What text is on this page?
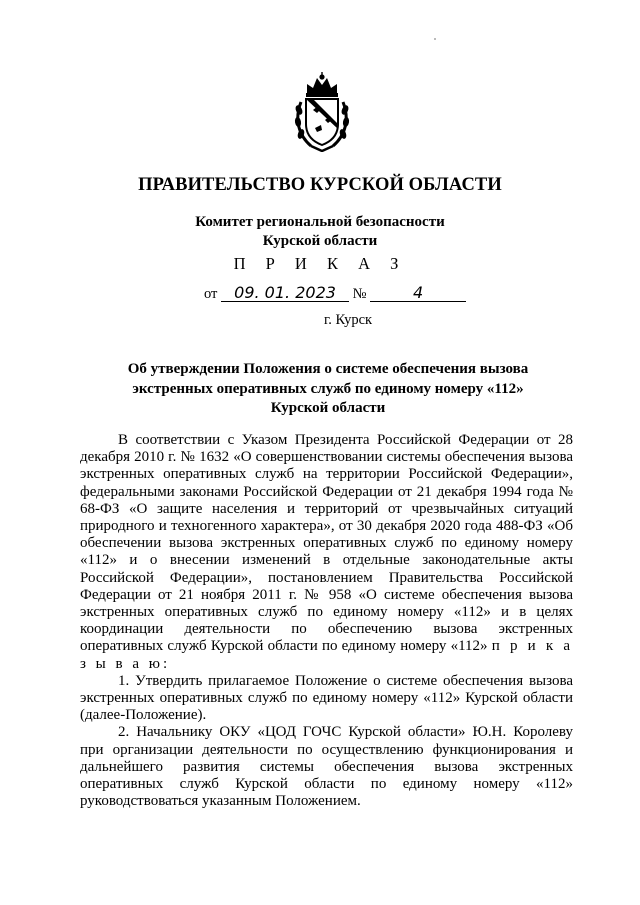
ПРАВИТЕЛЬСТВО КУРСКОЙ ОБЛАСТИ
Комитет региональной безопасности
Курской области
П Р И К А З
от 09. 01. 2023 №	4
г. Курск
Об утверждении Положения о системе обеспечения вызова
экстренных оперативных служб по единому номеру «112»
Курской области

В соответствии с Указом Президента Российской Федерации от 28 декабря 2010 г. № 1632 «О совершенствовании системы обеспечения вызова экстренных оперативных служб на территории Российской Федерации», федеральными законами Российской Федерации от 21 декабря 1994 года № 68-ФЗ «О защите населения и территорий от чрезвычайных ситуаций природного и техногенного характера», от 30 декабря 2020 года 488-ФЗ «Об обеспечении вызова экстренных оперативных служб по единому номеру «112» и о внесении изменений в отдельные законодательные акты Российской Федерации», постановлением Правительства Российской Федерации от 21 ноября 2011 г. № 958 «О системе обеспечения вызова экстренных оперативных служб по единому номеру «112» и в целях координации деятельности по обеспечению вызова экстренных оперативных служб Курской области по единому номеру «112» п р и к а з ы в а ю:

1. Утвердить прилагаемое Положение о системе обеспечения вызова экстренных оперативных служб по единому номеру «112» Курской области (далее-Положение).

2. Начальнику ОКУ «ЦОД ГОЧС Курской области» Ю.Н. Королеву при организации деятельности по осуществлению функционирования и дальнейшего развития системы обеспечения вызова экстренных оперативных служб Курской области по единому номеру «112» руководствоваться указанным Положением.
